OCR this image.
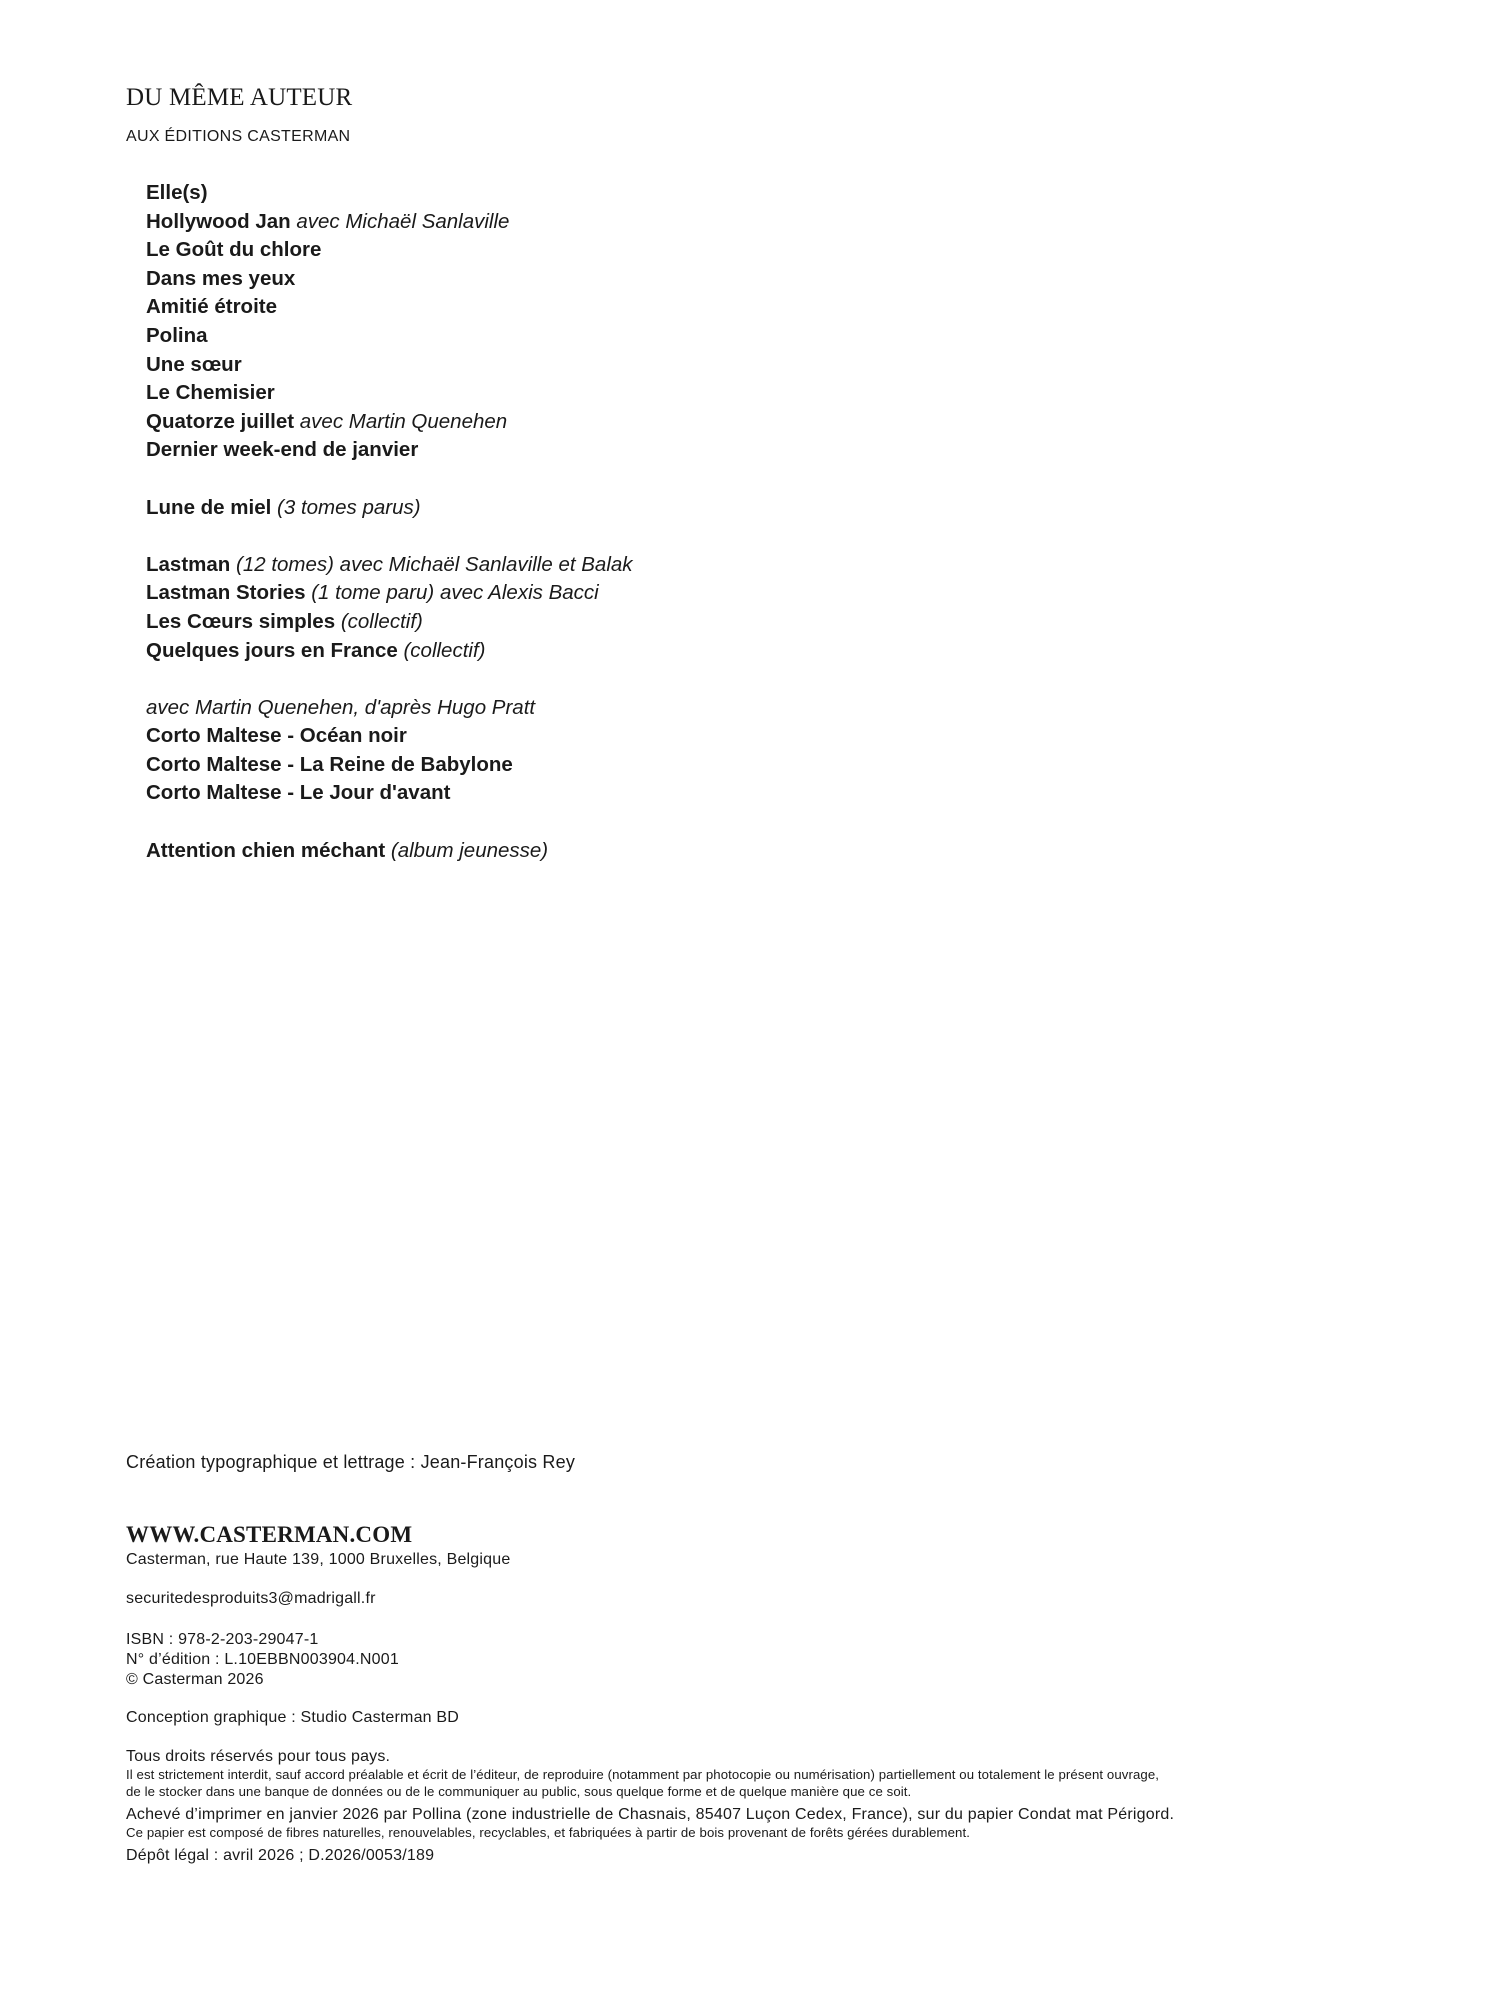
DU MÊME AUTEUR
AUX ÉDITIONS CASTERMAN
Elle(s)
Hollywood Jan avec Michaël Sanlaville
Le Goût du chlore
Dans mes yeux
Amitié étroite
Polina
Une sœur
Le Chemisier
Quatorze juillet avec Martin Quenehen
Dernier week-end de janvier
Lune de miel (3 tomes parus)
Lastman (12 tomes) avec Michaël Sanlaville et Balak
Lastman Stories (1 tome paru) avec Alexis Bacci
Les Cœurs simples (collectif)
Quelques jours en France (collectif)
avec Martin Quenehen, d'après Hugo Pratt
Corto Maltese - Océan noir
Corto Maltese - La Reine de Babylone
Corto Maltese - Le Jour d'avant
Attention chien méchant (album jeunesse)
Création typographique et lettrage : Jean-François Rey
WWW.CASTERMAN.COM
Casterman, rue Haute 139, 1000 Bruxelles, Belgique
securitedesproduits3@madrigall.fr
ISBN : 978-2-203-29047-1
N° d’édition : L.10EBBN003904.N001
© Casterman 2026
Conception graphique : Studio Casterman BD
Tous droits réservés pour tous pays.
Il est strictement interdit, sauf accord préalable et écrit de l’éditeur, de reproduire (notamment par photocopie ou numérisation) partiellement ou totalement le présent ouvrage,
de le stocker dans une banque de données ou de le communiquer au public, sous quelque forme et de quelque manière que ce soit.
Achevé d’imprimer en janvier 2026 par Pollina (zone industrielle de Chasnais, 85407 Luçon Cedex, France), sur du papier Condat mat Périgord.
Ce papier est composé de fibres naturelles, renouvelables, recyclables, et fabriquées à partir de bois provenant de forêts gérées durablement.
Dépôt légal : avril 2026 ; D.2026/0053/189
